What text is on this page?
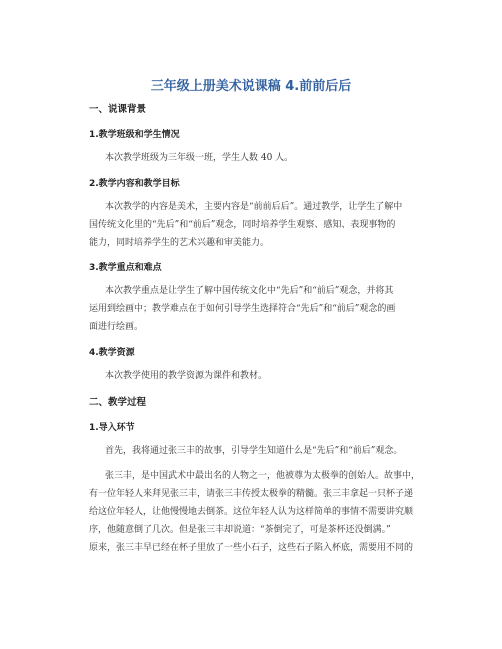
三年级上册美术说课稿 4.前前后后
一、说课背景
1.教学班级和学生情况
本次教学班级为三年级一班，学生人数 40 人。
2.教学内容和教学目标
本次教学的内容是美术，主要内容是“前前后后”。通过教学，让学生了解中
国传统文化里的“先后”和“前后”观念，同时培养学生观察、感知、表现事物的
能力，同时培养学生的艺术兴趣和审美能力。
3.教学重点和难点
本次教学重点是让学生了解中国传统文化中“先后”和“前后”观念，并将其
运用到绘画中；教学难点在于如何引导学生选择符合“先后”和“前后”观念的画
面进行绘画。
4.教学资源
本次教学使用的教学资源为课件和教材。
二、教学过程
1.导入环节
首先，我将通过张三丰的故事，引导学生知道什么是“先后”和“前后”观念。
张三丰，是中国武术中最出名的人物之一，他被尊为太极拳的创始人。故事中，
有一位年轻人来拜见张三丰，请张三丰传授太极拳的精髓。张三丰拿起一只杯子递
给这位年轻人，让他慢慢地去倒茶。这位年轻人认为这样简单的事情不需要讲究顺
序，他随意倒了几次。但是张三丰却说道：“茶倒完了，可是茶杯还没倒满。”
原来，张三丰早已经在杯子里放了一些小石子，这些石子陷入杯底，需要用不同的
